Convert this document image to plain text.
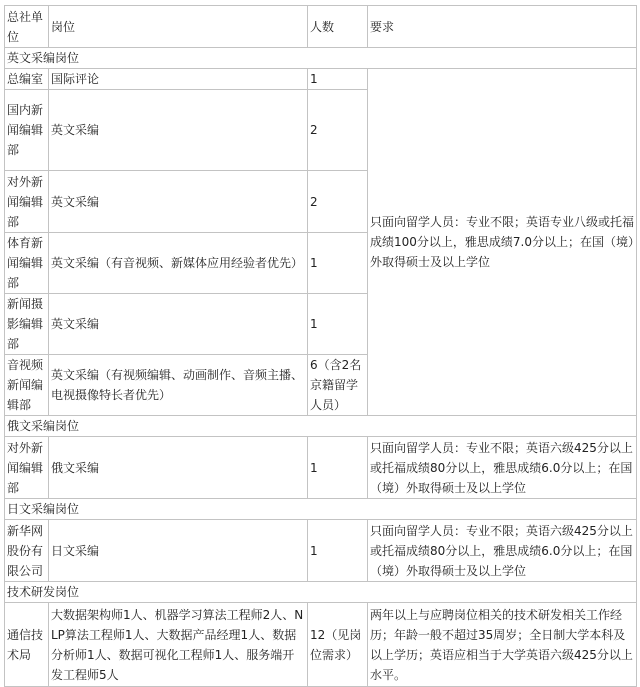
总社单位	岗位	人数	要求
英文采编岗位			
总编室	国际评论	1	只面向留学人员：专业不限；英语专业八级或托福成绩100分以上，雅思成绩7.0分以上；在国（境）外取得硕士及以上学位
国内新闻编辑部	英文采编	2	
对外新闻编辑部	英文采编	2	
体育新闻编辑部	英文采编（有音视频、新媒体应用经验者优先）	1	
新闻摄影编辑部	英文采编	1	
音视频新闻编辑部	英文采编（有视频编辑、动画制作、音频主播、电视摄像特长者优先）	6（含2名京籍留学人员）	
俄文采编岗位			
对外新闻编辑部	俄文采编	1	只面向留学人员：专业不限；英语六级425分以上或托福成绩80分以上，雅思成绩6.0分以上；在国（境）外取得硕士及以上学位
日文采编岗位			
新华网股份有限公司	日文采编	1	只面向留学人员：专业不限；英语六级425分以上或托福成绩80分以上，雅思成绩6.0分以上；在国（境）外取得硕士及以上学位
技术研发岗位			
通信技术局	大数据架构师1人、机器学习算法工程师2人、NLP算法工程师1人、大数据产品经理1人、数据分析师1人、数据可视化工程师1人、服务端开发工程师5人	12（见岗位需求）	两年以上与应聘岗位相关的技术研发相关工作经历；年龄一般不超过35周岁；全日制大学本科及以上学历；英语应相当于大学英语六级425分以上水平。
